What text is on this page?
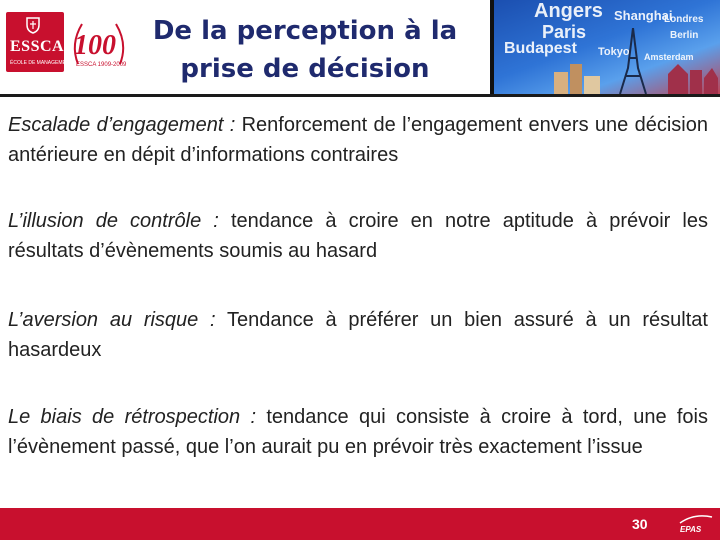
ESSCA
ÉCOLE DE MANAGEMENT
100
ESSCA 1909-2009
De la perception à la
prise de décision
Angers Shanghai
Paris
Budapest Tokyo Amsterdam
Berlin
Londres
Escalade d’engagement : Renforcement de l’engagement envers une décision antérieure en dépit d’informations contraires
L’illusion de contrôle : tendance à croire en notre aptitude à prévoir les résultats d’évènements soumis au hasard
L’aversion au risque : Tendance à préférer un bien assuré à un résultat hasardeux
Le biais de rétrospection : tendance qui consiste à croire à tord, une fois l’évènement passé, que l’on aurait pu en prévoir très exactement l’issue
30	EPAS
